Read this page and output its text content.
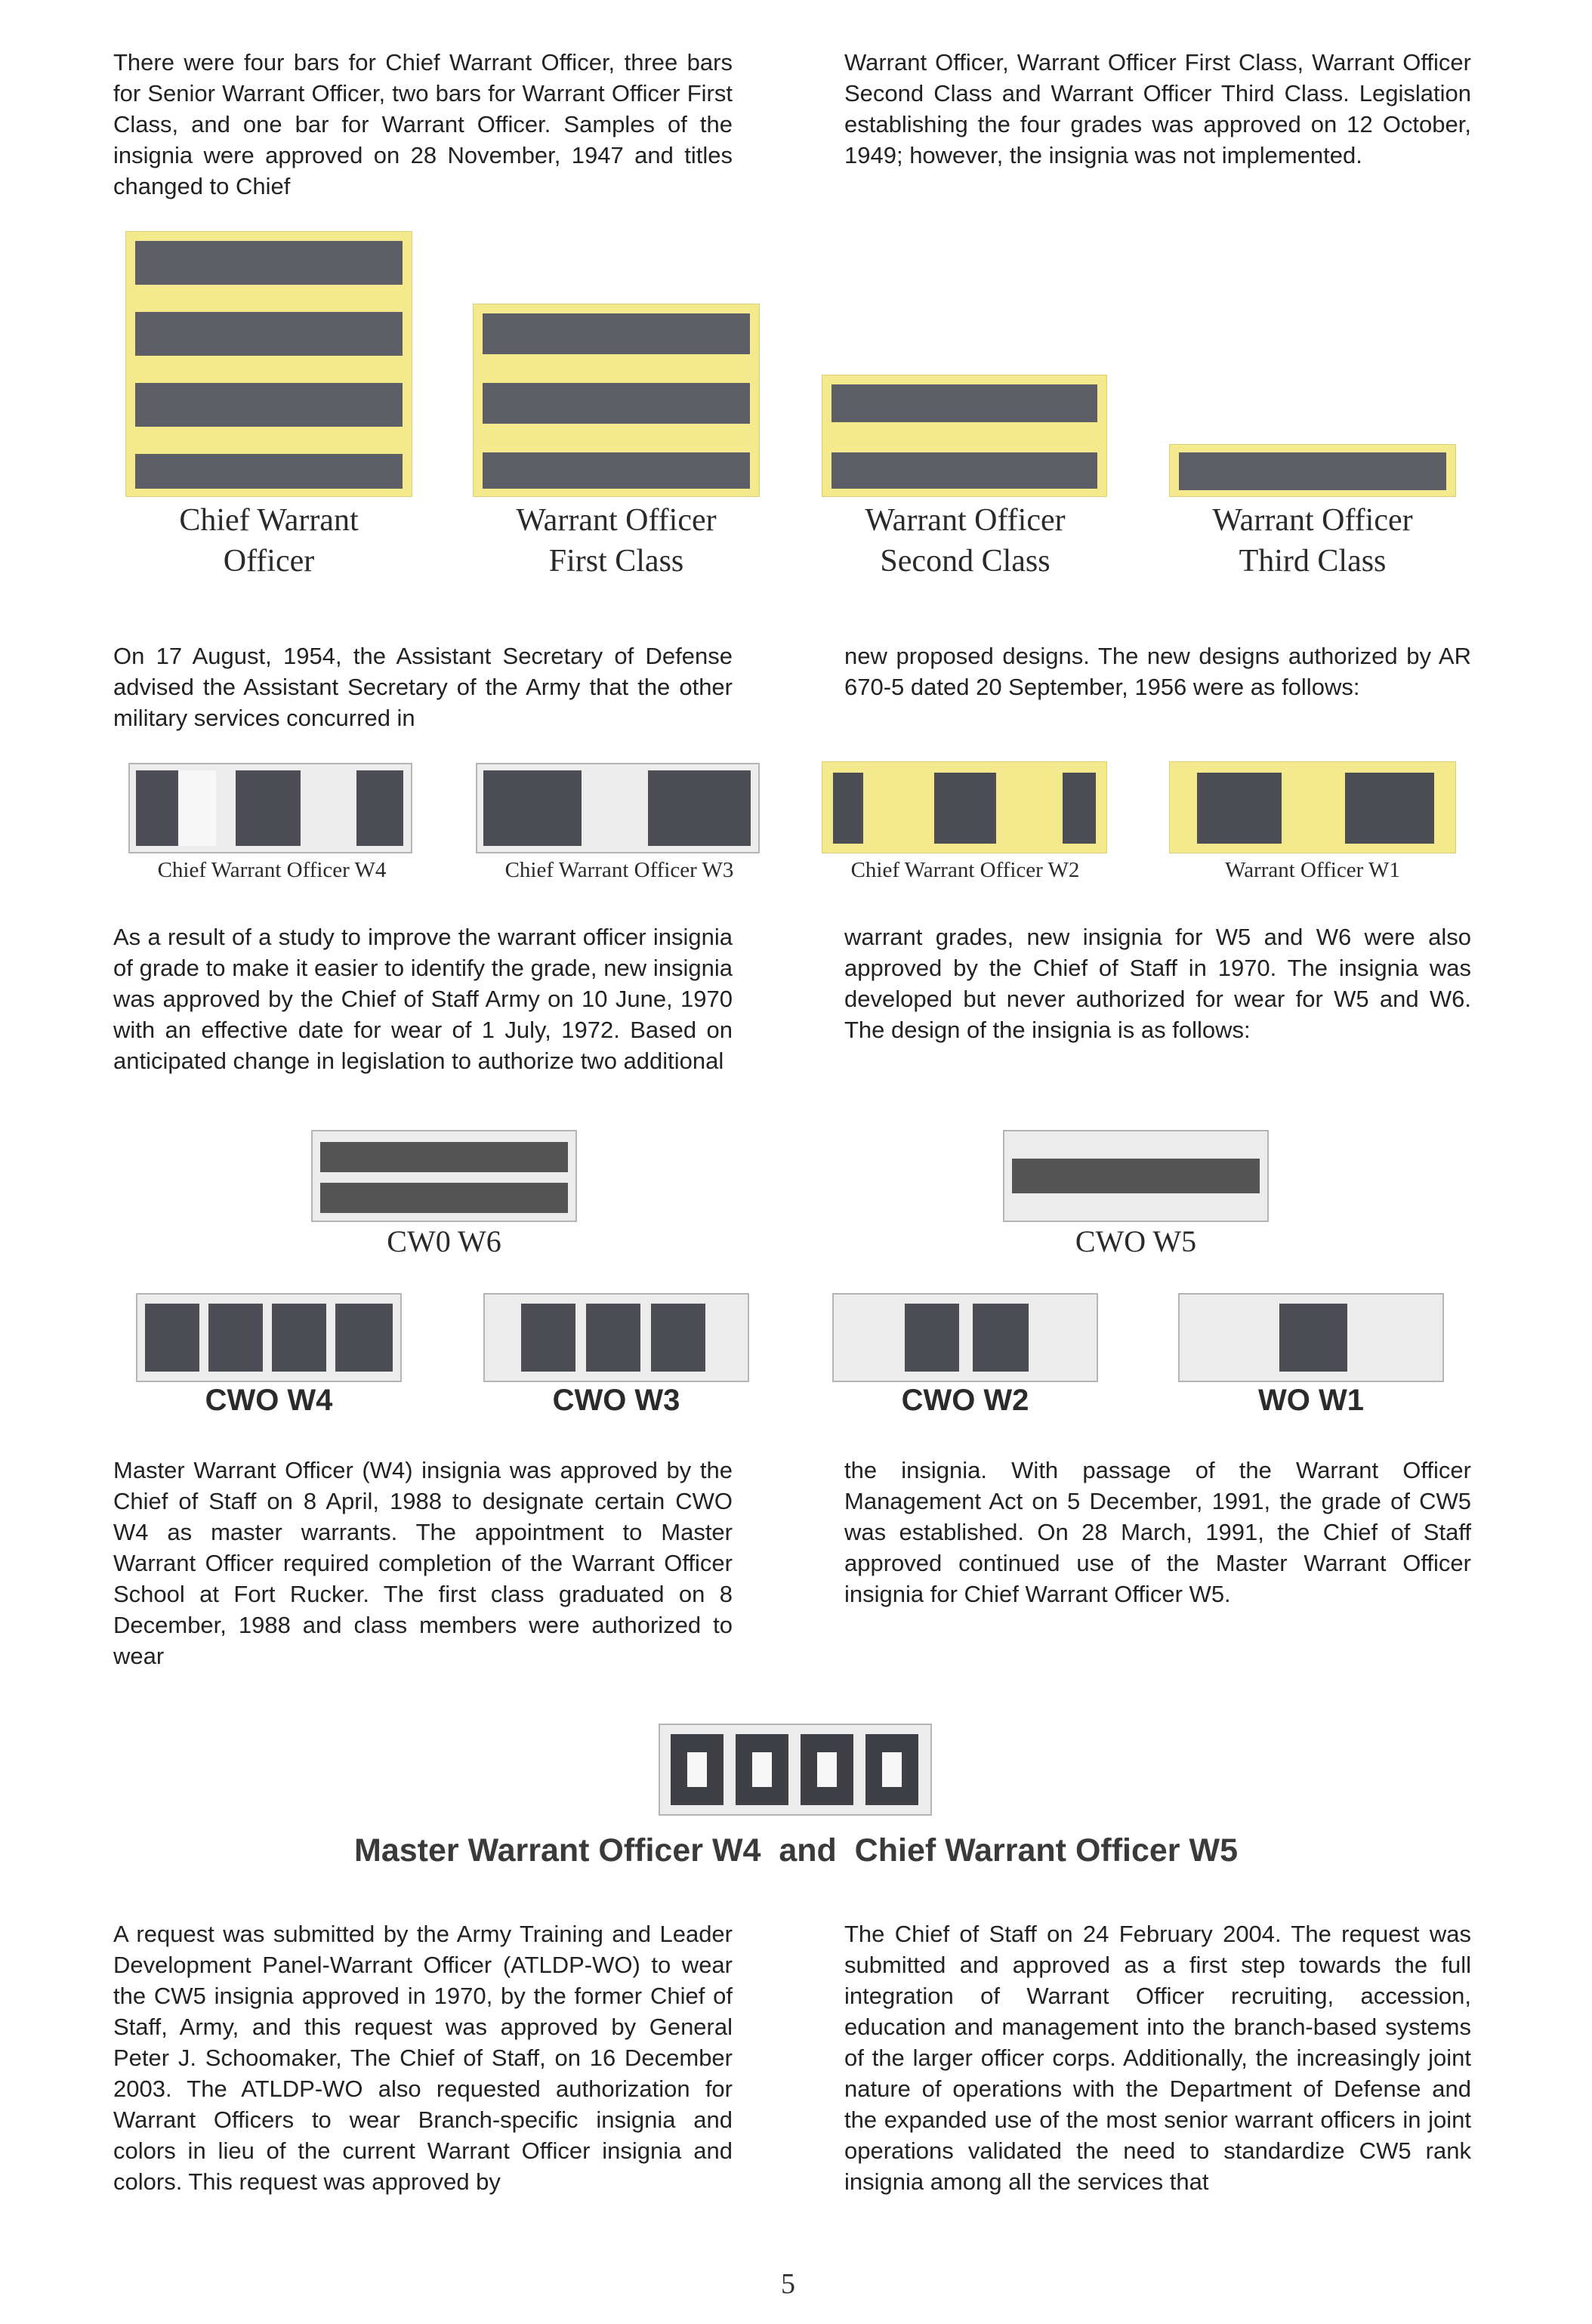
There were four bars for Chief Warrant Officer, three bars for Senior Warrant Officer, two bars for Warrant Officer First Class, and one bar for Warrant Officer. Samples of the insignia were approved on 28 November, 1947 and titles changed to Chief
Warrant Officer, Warrant Officer First Class, Warrant Officer Second Class and Warrant Officer Third Class. Legislation establishing the four grades was approved on 12 October, 1949; however, the insignia was not implemented.
Chief Warrant
Officer
Warrant Officer
First Class
Warrant Officer
Second Class
Warrant Officer
Third Class
On 17 August, 1954, the Assistant Secretary of Defense advised the Assistant Secretary of the Army that the other military services concurred in
new proposed designs. The new designs authorized by AR 670-5 dated 20 September, 1956 were as follows:
Chief Warrant Officer W4	Chief Warrant Officer W3	Chief Warrant Officer W2	Warrant Officer W1
As a result of a study to improve the warrant officer insignia of grade to make it easier to identify the grade, new insignia was approved by the Chief of Staff Army on 10 June, 1970 with an effective date for wear of 1 July, 1972. Based on anticipated change in legislation to authorize two additional
warrant grades, new insignia for W5 and W6 were also approved by the Chief of Staff in 1970. The insignia was developed but never authorized for wear for W5 and W6. The design of the insignia is as follows:
CW0 W6	CWO W5
CWO W4	CWO W3	CWO W2	WO W1
Master Warrant Officer (W4) insignia was approved by the Chief of Staff on 8 April, 1988 to designate certain CWO W4 as master warrants. The appointment to Master Warrant Officer required completion of the Warrant Officer School at Fort Rucker. The first class graduated on 8 December, 1988 and class members were authorized to wear
the insignia. With passage of the Warrant Officer Management Act on 5 December, 1991, the grade of CW5 was established. On 28 March, 1991, the Chief of Staff approved continued use of the Master Warrant Officer insignia for Chief Warrant Officer W5.
Master Warrant Officer W4  and  Chief Warrant Officer W5
A request was submitted by the Army Training and Leader Development Panel-Warrant Officer (ATLDP-WO) to wear the CW5 insignia approved in 1970, by the former Chief of Staff, Army, and this request was approved by General Peter J. Schoomaker, The Chief of Staff, on 16 December 2003. The ATLDP-WO also requested authorization for Warrant Officers to wear Branch-specific insignia and colors in lieu of the current Warrant Officer insignia and colors. This request was approved by
The Chief of Staff on 24 February 2004. The request was submitted and approved as a first step towards the full integration of Warrant Officer recruiting, accession, education and management into the branch-based systems of the larger officer corps. Additionally, the increasingly joint nature of operations with the Department of Defense and the expanded use of the most senior warrant officers in joint operations validated the need to standardize CW5 rank insignia among all the services that
5
